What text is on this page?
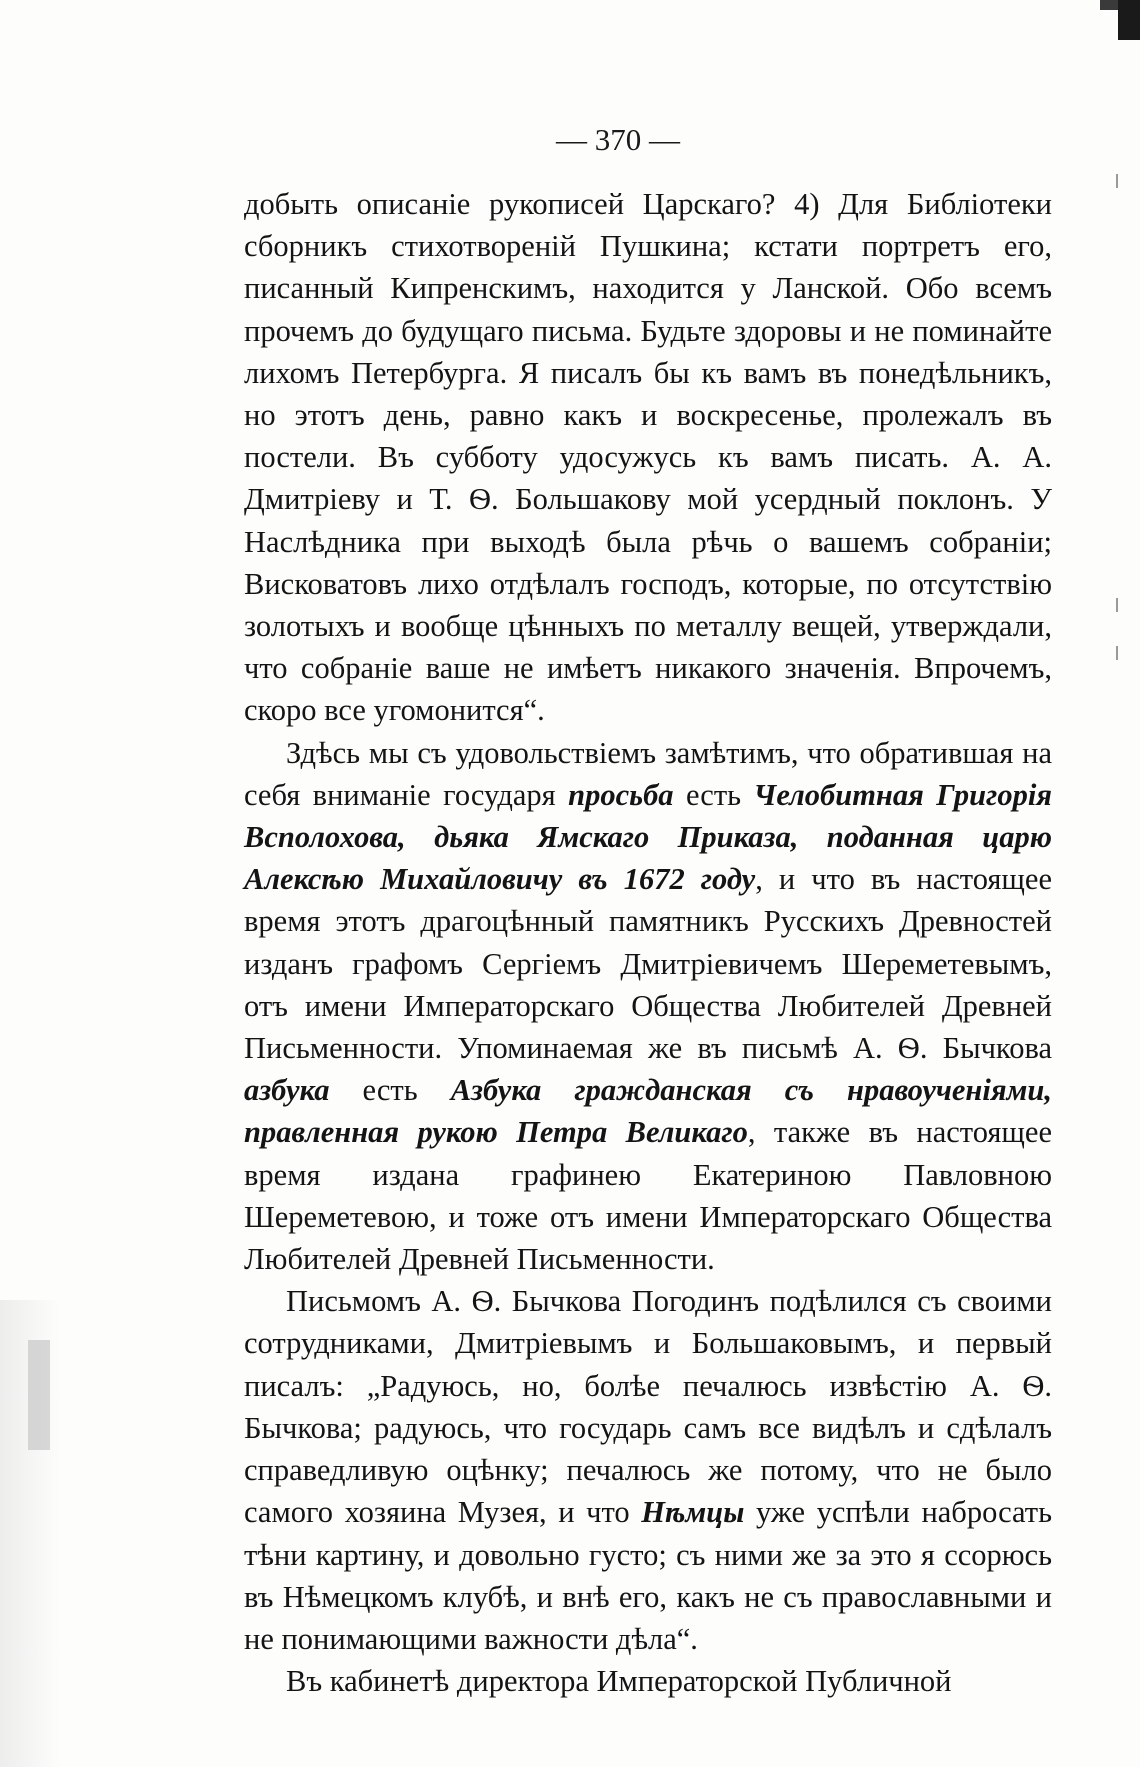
— 370 —

добыть описаніе рукописей Царскаго? 4) Для Библіотеки сборникъ стихотвореній Пушкина; кстати портретъ его, писанный Кипренскимъ, находится у Ланской. Обо всемъ прочемъ до будущаго письма. Будьте здоровы и не поминайте лихомъ Петербурга. Я писалъ бы къ вамъ въ понедѣльникъ, но этотъ день, равно какъ и воскресенье, пролежалъ въ постели. Въ субботу удосужусь къ вамъ писать. А. А. Дмитріеву и Т. Ѳ. Большакову мой усердный поклонъ. У Наслѣдника при выходѣ была рѣчь о вашемъ собраніи; Висковатовъ лихо отдѣлалъ господъ, которые, по отсутствію золотыхъ и вообще цѣнныхъ по металлу вещей, утверждали, что собраніе ваше не имѣетъ никакого значенія. Впрочемъ, скоро все угомонится“.

Здѣсь мы съ удовольствіемъ замѣтимъ, что обратившая на себя вниманіе государя просьба есть Челобитная Григорія Всполохова, дьяка Ямскаго Приказа, поданная царю Алексѣю Михайловичу въ 1672 году, и что въ настоящее время этотъ драгоцѣнный памятникъ Русскихъ Древностей изданъ графомъ Сергіемъ Дмитріевичемъ Шереметевымъ, отъ имени Императорскаго Общества Любителей Древней Письменности. Упоминаемая же въ письмѣ А. Ѳ. Бычкова азбука есть Азбука гражданская съ нравоученіями, правленная рукою Петра Великаго, также въ настоящее время издана графинею Екатериною Павловною Шереметевою, и тоже отъ имени Императорскаго Общества Любителей Древней Письменности.

Письмомъ А. Ѳ. Бычкова Погодинъ подѣлился съ своими сотрудниками, Дмитріевымъ и Большаковымъ, и первый писалъ: „Радуюсь, но, болѣе печалюсь извѣстію А. Ѳ. Бычкова; радуюсь, что государь самъ все видѣлъ и сдѣлалъ справедливую оцѣнку; печалюсь же потому, что не было самого хозяина Музея, и что Нѣмцы уже успѣли набросать тѣни картину, и довольно густо; съ ними же за это я ссорюсь въ Нѣмецкомъ клубѣ, и внѣ его, какъ не съ православными и не понимающими важности дѣла“.

Въ кабинетѣ директора Императорской Публичной
